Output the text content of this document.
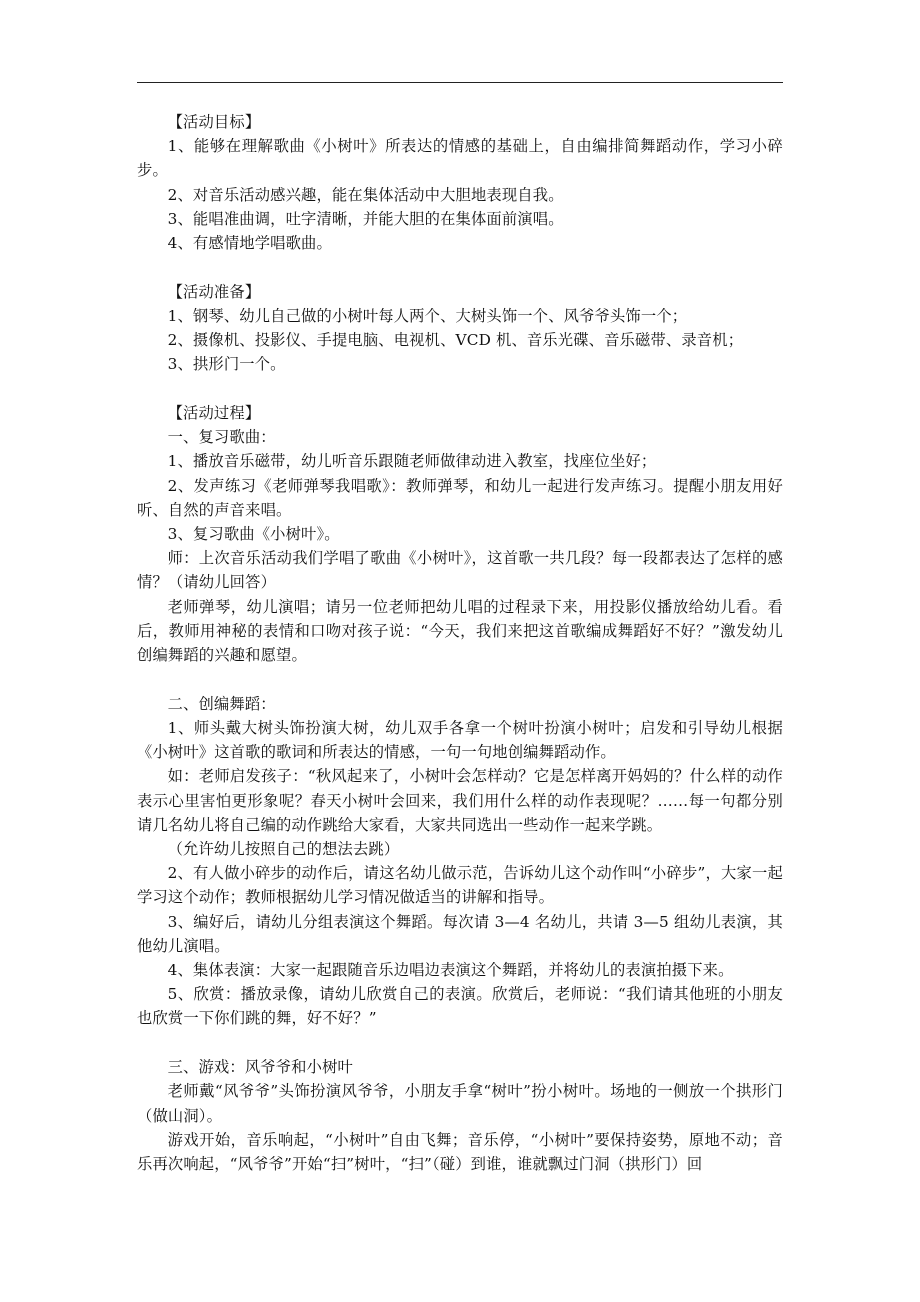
【活动目标】

1、能够在理解歌曲《小树叶》所表达的情感的基础上，自由编排简舞蹈动作，学习小碎步。

2、对音乐活动感兴趣，能在集体活动中大胆地表现自我。

3、能唱准曲调，吐字清晰，并能大胆的在集体面前演唱。

4、有感情地学唱歌曲。

【活动准备】

1、钢琴、幼儿自己做的小树叶每人两个、大树头饰一个、风爷爷头饰一个；

2、摄像机、投影仪、手提电脑、电视机、VCD 机、音乐光碟、音乐磁带、录音机；

3、拱形门一个。

【活动过程】

一、复习歌曲：

1、播放音乐磁带，幼儿听音乐跟随老师做律动进入教室，找座位坐好；

2、发声练习《老师弹琴我唱歌》：教师弹琴，和幼儿一起进行发声练习。提醒小朋友用好听、自然的声音来唱。

3、复习歌曲《小树叶》。

师：上次音乐活动我们学唱了歌曲《小树叶》，这首歌一共几段？每一段都表达了怎样的感情？（请幼儿回答）

老师弹琴，幼儿演唱；请另一位老师把幼儿唱的过程录下来，用投影仪播放给幼儿看。看后，教师用神秘的表情和口吻对孩子说：“今天，我们来把这首歌编成舞蹈好不好？”激发幼儿创编舞蹈的兴趣和愿望。

二、创编舞蹈：

1、师头戴大树头饰扮演大树，幼儿双手各拿一个树叶扮演小树叶；启发和引导幼儿根据《小树叶》这首歌的歌词和所表达的情感，一句一句地创编舞蹈动作。

如：老师启发孩子：“秋风起来了，小树叶会怎样动？它是怎样离开妈妈的？什么样的动作表示心里害怕更形象呢？春天小树叶会回来，我们用什么样的动作表现呢？……每一句都分别请几名幼儿将自己编的动作跳给大家看，大家共同选出一些动作一起来学跳。

（允许幼儿按照自己的想法去跳）

2、有人做小碎步的动作后，请这名幼儿做示范，告诉幼儿这个动作叫“小碎步”，大家一起学习这个动作；教师根据幼儿学习情况做适当的讲解和指导。

3、编好后，请幼儿分组表演这个舞蹈。每次请 3—4 名幼儿，共请 3—5 组幼儿表演，其他幼儿演唱。

4、集体表演：大家一起跟随音乐边唱边表演这个舞蹈，并将幼儿的表演拍摄下来。

5、欣赏：播放录像，请幼儿欣赏自己的表演。欣赏后，老师说：“我们请其他班的小朋友也欣赏一下你们跳的舞，好不好？”

三、游戏：风爷爷和小树叶

老师戴“风爷爷”头饰扮演风爷爷，小朋友手拿“树叶”扮小树叶。场地的一侧放一个拱形门（做山洞）。

游戏开始，音乐响起，“小树叶”自由飞舞；音乐停，“小树叶”要保持姿势，原地不动；音乐再次响起，“风爷爷”开始“扫”树叶，“扫”（碰）到谁，谁就飘过门洞（拱形门）回
